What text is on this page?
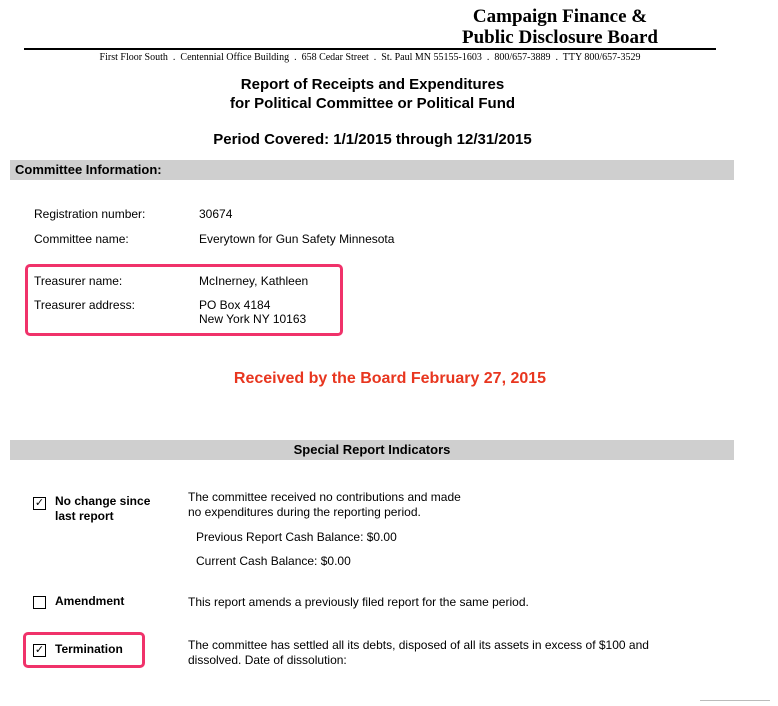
Campaign Finance &
Public Disclosure Board
First Floor South  .  Centennial Office Building  .  658 Cedar Street  .  St. Paul MN 55155-1603  .  800/657-3889  .  TTY 800/657-3529
Report of Receipts and Expenditures
for Political Committee or Political Fund
Period Covered: 1/1/2015 through 12/31/2015
Committee Information:
Registration number:	30674
Committee name:	Everytown for Gun Safety Minnesota
Treasurer name:	McInerney, Kathleen
Treasurer address:	PO Box 4184
New York NY 10163
Received by the Board February 27, 2015
Special Report Indicators
✓ No change since
last report
The committee received no contributions and made
no expenditures during the reporting period.
Previous Report Cash Balance: $0.00
Current Cash Balance: $0.00
Amendment	This report amends a previously filed report for the same period.
✓ Termination	The committee has settled all its debts, disposed of all its assets in excess of $100 and
dissolved. Date of dissolution:
